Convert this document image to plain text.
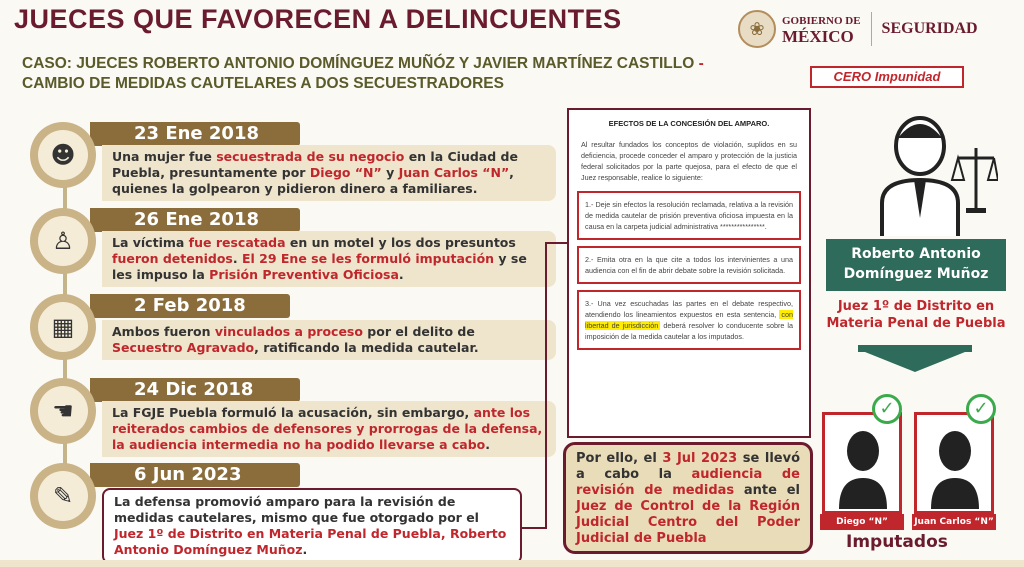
JUECES QUE FAVORECEN A DELINCUENTES
CASO: JUECES ROBERTO ANTONIO DOMÍNGUEZ MUÑÓZ Y JAVIER MARTÍNEZ CASTILLO - CAMBIO DE MEDIDAS CAUTELARES A DOS SECUESTRADORES
❀	GOBIERNO DE
MÉXICO	SEGURIDAD
CERO Impunidad
23 Ene 2018
Una mujer fue secuestrada de su negocio en la Ciudad de Puebla, presuntamente por Diego “N” y Juan Carlos “N”, quienes la golpearon y pidieron dinero a familiares.
☻
26 Ene 2018
La víctima fue rescatada en un motel y los dos presuntos fueron detenidos. El 29 Ene se les formuló imputación y se les impuso la Prisión Preventiva Oficiosa.
♙
2 Feb 2018
Ambos fueron vinculados a proceso por el delito de Secuestro Agravado, ratificando la medida cautelar.
▦
24 Dic 2018
La FGJE Puebla formuló la acusación, sin embargo, ante los reiterados cambios de defensores y prorrogas de la defensa, la audiencia intermedia no ha podido llevarse a cabo.
☚
6 Jun 2023
La defensa promovió amparo para la revisión de medidas cautelares, mismo que fue otorgado por el Juez 1º de Distrito en Materia Penal de Puebla, Roberto Antonio Domínguez Muñoz.
✎
EFECTOS DE LA CONCESIÓN DEL AMPARO.

Al resultar fundados los conceptos de violación, suplidos en su deficiencia, procede conceder el amparo y protección de la justicia federal solicitados por la parte quejosa, para el efecto de que el Juez responsable, realice lo siguiente:

1.- Deje sin efectos la resolución reclamada, relativa a la revisión de medida cautelar de prisión preventiva oficiosa impuesta en la causa en la carpeta judicial administrativa ****************.
2.- Emita otra en la que cite a todos los intervinientes a una audiencia con el fin de abrir debate sobre la revisión solicitada.
3.- Una vez escuchadas las partes en el debate respectivo, atendiendo los lineamientos expuestos en esta sentencia, con libertad de jurisdicción deberá resolver lo conducente sobre la imposición de la medida cautelar a los imputados.
Por ello, el 3 Jul 2023 se llevó a cabo la audiencia de revisión de medidas ante el Juez de Control de la Región Judicial Centro del Poder Judicial de Puebla
Roberto Antonio Domínguez Muñoz
Juez 1º de Distrito en Materia Penal de Puebla
✓	✓
Diego “N”	Juan Carlos “N”
Imputados
